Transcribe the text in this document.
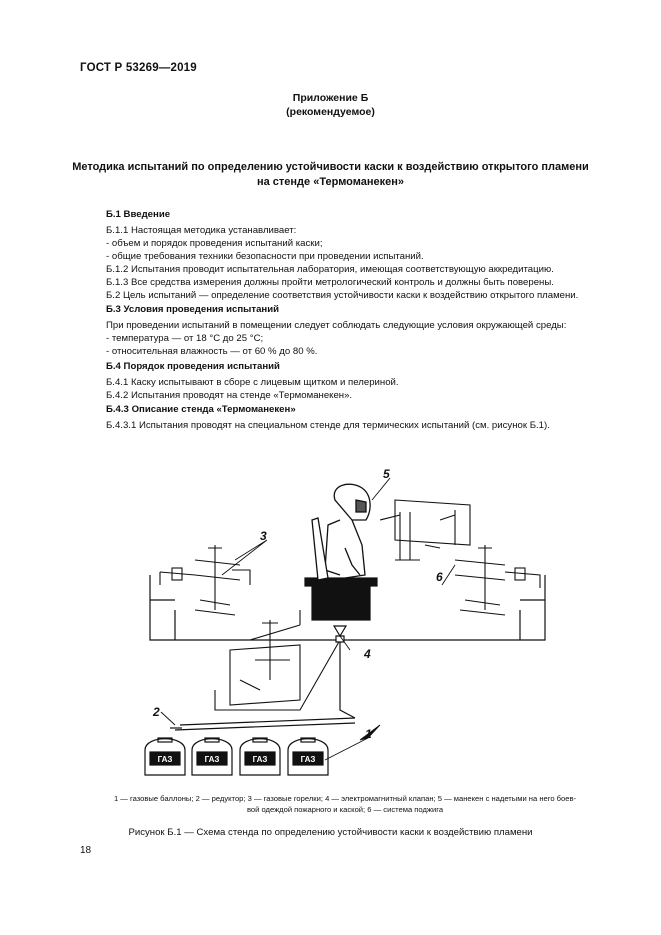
ГОСТ Р 53269—2019
Приложение Б
(рекомендуемое)
Методика испытаний по определению устойчивости каски к воздействию открытого пламени
на стенде «Термоманекен»
Б.1 Введение
Б.1.1 Настоящая методика устанавливает:
- объем и порядок проведения испытаний каски;
- общие требования техники безопасности при проведении испытаний.
Б.1.2 Испытания проводит испытательная лаборатория, имеющая соответствующую аккредитацию.
Б.1.3 Все средства измерения должны пройти метрологический контроль и должны быть поверены.
Б.2 Цель испытаний — определение соответствия устойчивости каски к воздействию открытого пламени.
Б.3 Условия проведения испытаний
При проведении испытаний в помещении следует соблюдать следующие условия окружающей среды:
- температура — от 18 °С до 25 °С;
- относительная влажность — от 60 % до 80 %.
Б.4 Порядок проведения испытаний
Б.4.1 Каску испытывают в сборе с лицевым щитком и пелериной.
Б.4.2 Испытания проводят на стенде «Термоманекен».
Б.4.3 Описание стенда «Термоманекен»
Б.4.3.1 Испытания проводят на специальном стенде для термических испытаний (см. рисунок Б.1).
ГАЗ	ГАЗ	ГАЗ	ГАЗ
1
2
3
4
5
6
1 — газовые баллоны; 2 — редуктор; 3 — газовые горелки; 4 — электромагнитный клапан; 5 — манекен с надетыми на него боев-
вой одеждой пожарного и каской; 6 — система поджига
Рисунок Б.1 — Схема стенда по определению устойчивости каски к воздействию пламени
18
